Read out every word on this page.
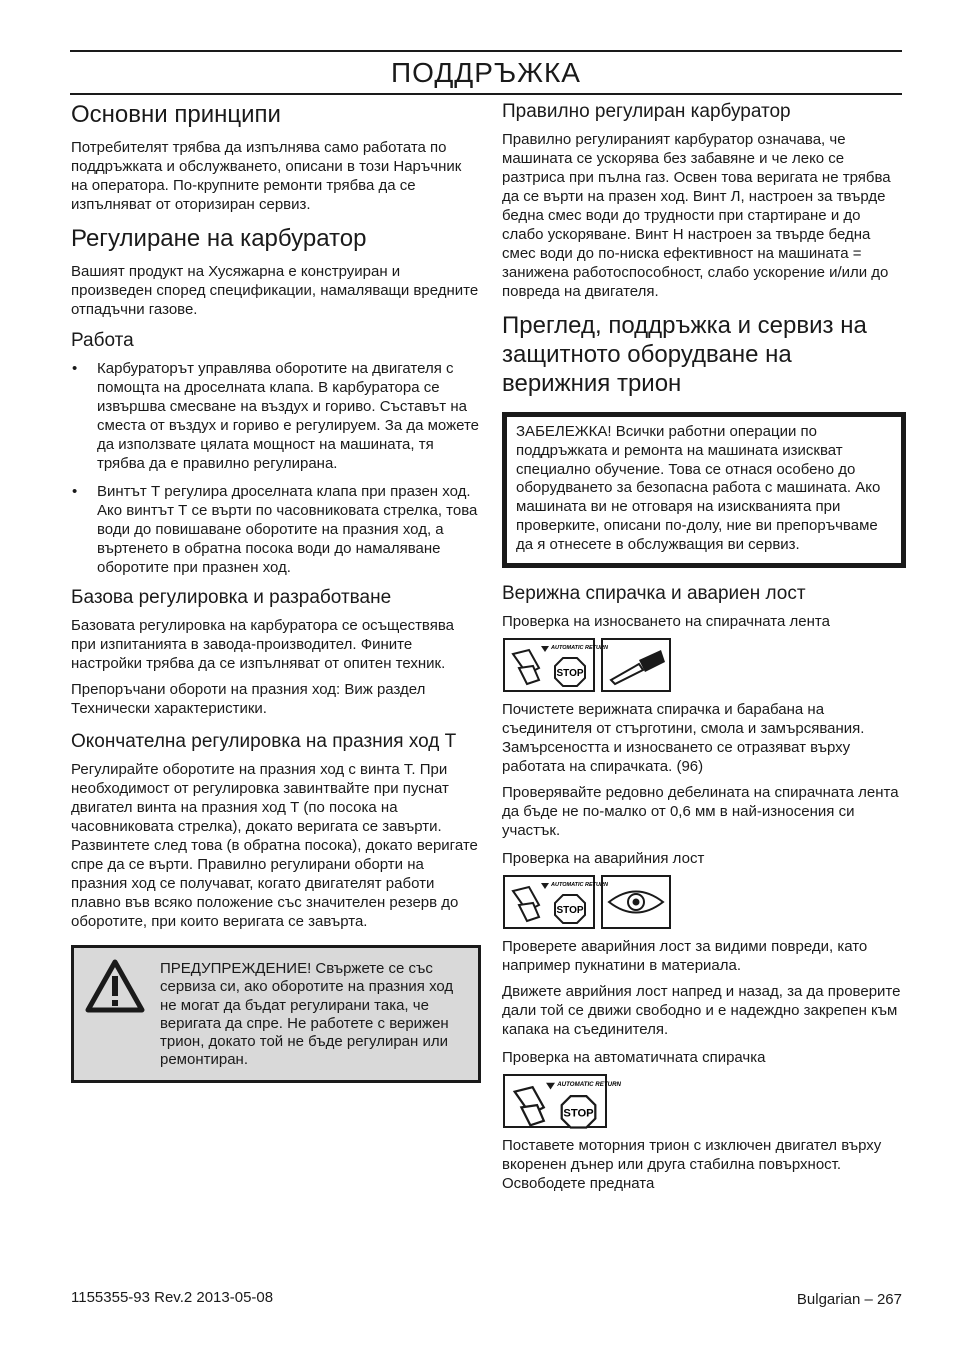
ПОДДРЪЖКА
Основни принципи

Потребителят трябва да изпълнява само работата по поддръжката и обслужването, описани в този Наръчник на оператора. По-крупните ремонти трябва да се изпълняват от оторизиран сервиз.

Регулиране на карбуратор

Вашият продукт на Хусяжарна е конструиран и произведен според спецификации, намаляващи вредните отпадъчни газове.

Работа
• Карбураторът управлява оборотите на двигателя с помощта на дроселната клапа. В карбуратора се извършва смесване на въздух и гориво. Съставът на сместа от въздух и гориво е регулируем. За да можете да използвате цялата мощност на машината, тя трябва да е правилно регулирана.
• Винтът Т регулира дроселната клапа при празен ход. Ако винтът Т се върти по часовниковата стрелка, това води до повишаване оборотите на празния ход, а въртенето в обратна посока води до намаляване оборотите при празнен ход.
Базова регулировка и разработване

Базовата регулировка на карбуратора се осъществява при изпитанията в завода-производител. Фините настройки трябва да се изпълняват от опитен техник.

Препоръчани обороти на празния ход: Виж раздел Технически характеристики.

Окончателна регулировка на празния ход Т

Регулирайте оборотите на празния ход с винта Т. При необходимост от регулировка завинтвайте при пуснат двигател винта на празния ход Т (по посока на часовниковата стрелка), докато веригата се завърти. Развинтете след това (в обратна посока), докато веригате спре да се върти. Правилно регулирани оборти на празния ход се получават, когато двигателят работи плавно във всяко положение със значителен резерв до оборотите, при които веригата се завърта.

ПРЕДУПРЕЖДЕНИЕ! Свържете се със сервиза си, ако оборотите на празния ход не могат да бъдат регулирани така, че веригата да спре. Не работете с верижен трион, докато той не бъде регулиран или ремонтиран.

Правилно регулиран карбуратор

Правилно регулираният карбуратор означава, че машината се ускорява без забавяне и че леко се разтриса при пълна газ. Освен това веригата не трябва да се върти на празен ход. Винт Л, настроен за твърде бедна смес води до трудности при стартиране и до слабо ускоряване. Винт Н настроен за твърде бедна смес води до по-ниска ефективност на машината = занижена работоспособност, слабо ускорение и/или до повреда на двигателя.

Преглед, поддръжка и сервиз на защитното оборудване на верижния трион

ЗАБЕЛЕЖКА! Всички работни операции по поддръжката и ремонта на машината изискват специално обучение. Това се отнася особено до оборудването за безопасна работа с машината. Ако машината ви не отговаря на изискванията при проверките, описани по-долу, ние ви препоръчваме да я отнесете в обслужващия ви сервиз.

Верижна спирачка и авариен лост

Проверка на износването на спирачната лента

AUTOMATIC RETURN
STOP

Почистете верижната спирачка и барабана на съединителя от стърготини, смола и замърсявания. Замърсеността и износването се отразяват върху работата на спирачката. (96)

Проверявайте редовно дебелината на спирачната лента да бъде не по-малко от 0,6 мм в най-износения си участък.

Проверка на аварийния лост

AUTOMATIC RETURN
STOP

Проверете аварийния лост за видими повреди, като например пукнатини в материала.

Движете аврийния лост напред и назад, за да проверите дали той се движи свободно и е надеждно закрепен към капака на съединителя.

Проверка на автоматичната спирачка

AUTOMATIC RETURN
STOP

Поставете моторния трион с изключен двигател върху вкоренен дънер или друга стабилна повърхност. Освободете предната

1155355-93 Rev.2 2013-05-08	Bulgarian – 267
